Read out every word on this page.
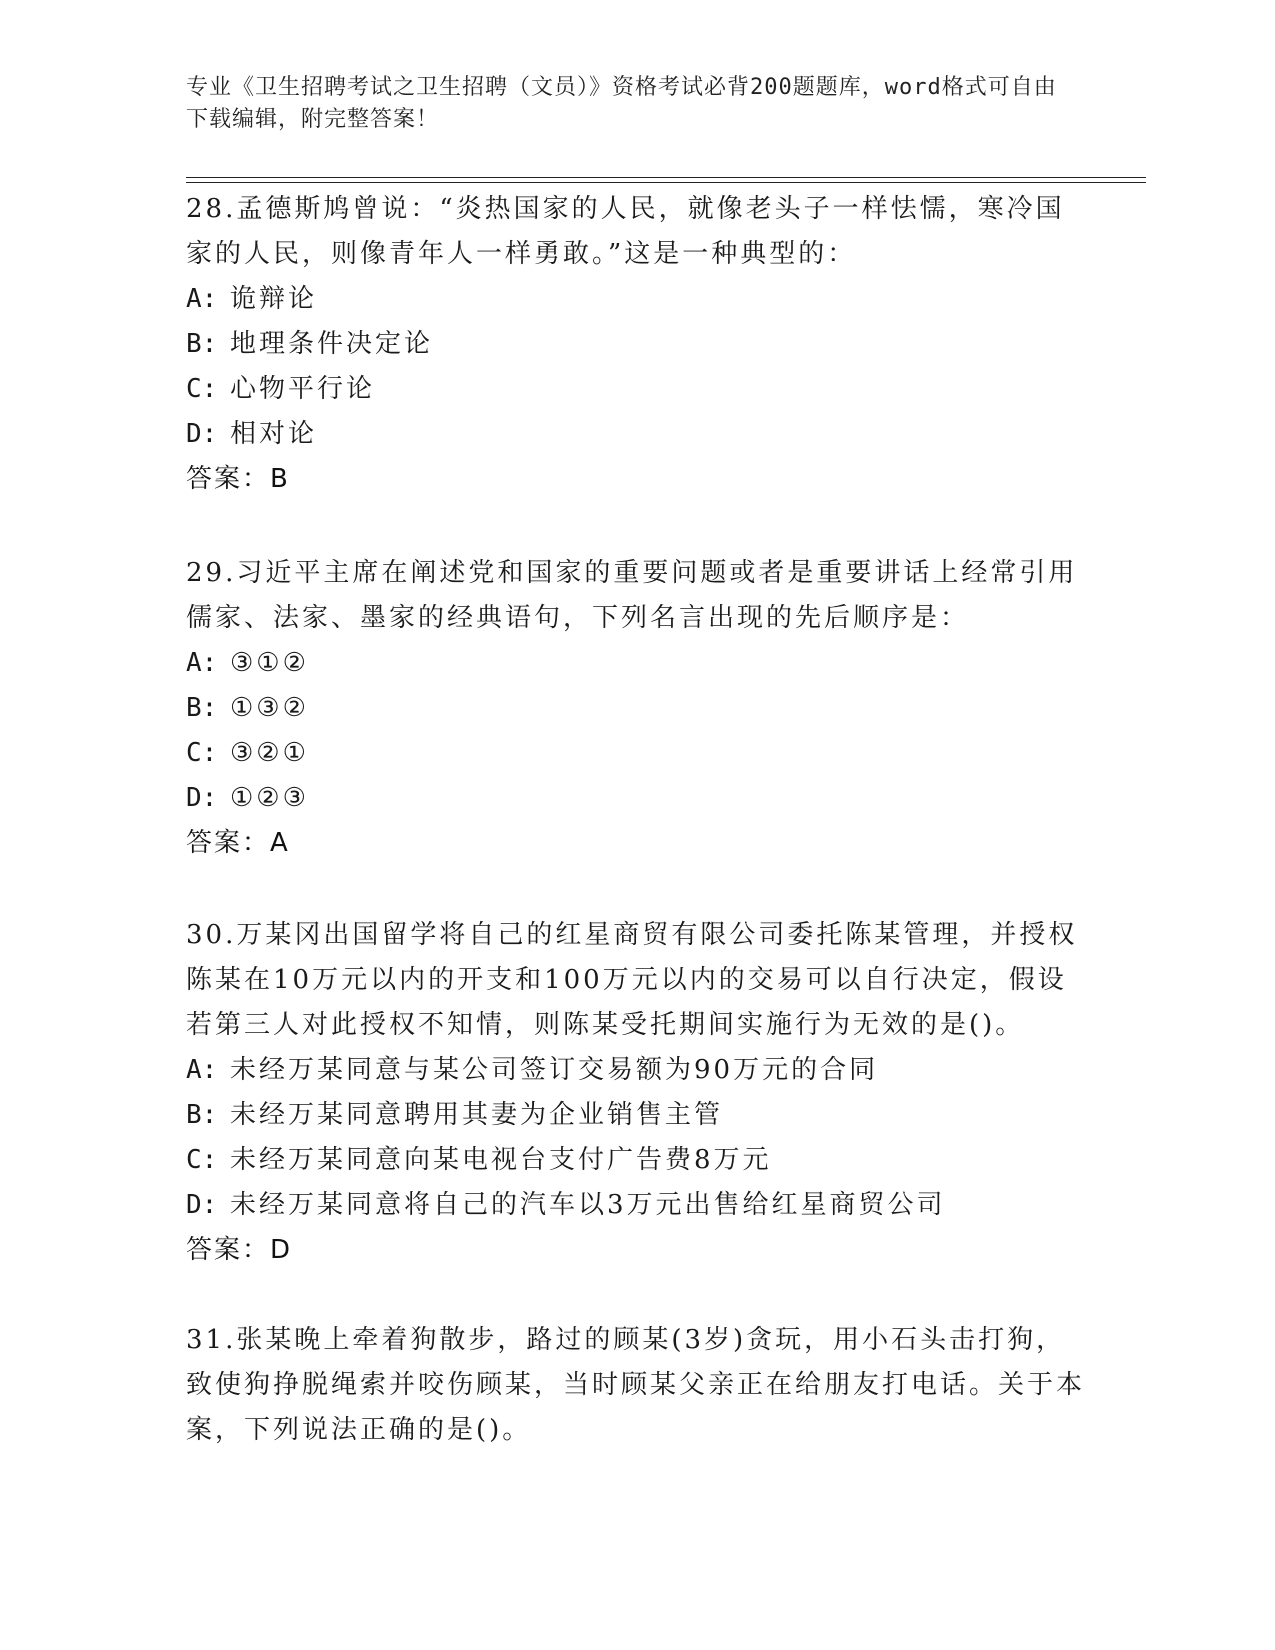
专业《卫生招聘考试之卫生招聘（文员）》资格考试必背200题题库，word格式可自由下载编辑，附完整答案！

28.孟德斯鸠曾说：“炎热国家的人民，就像老头子一样怯懦，寒冷国家的人民，则像青年人一样勇敢。”这是一种典型的：

A: 诡辩论

B: 地理条件决定论

C: 心物平行论

D: 相对论

答案：B

29.习近平主席在阐述党和国家的重要问题或者是重要讲话上经常引用儒家、法家、墨家的经典语句，下列名言出现的先后顺序是：

A: ③①②

B: ①③②

C: ③②①

D: ①②③

答案：A

30.万某冈出国留学将自己的红星商贸有限公司委托陈某管理，并授权陈某在10万元以内的开支和100万元以内的交易可以自行决定，假设若第三人对此授权不知情，则陈某受托期间实施行为无效的是()。

A: 未经万某同意与某公司签订交易额为90万元的合同

B: 未经万某同意聘用其妻为企业销售主管

C: 未经万某同意向某电视台支付广告费8万元

D: 未经万某同意将自己的汽车以3万元出售给红星商贸公司

答案：D

31.张某晚上牵着狗散步，路过的顾某(3岁)贪玩，用小石头击打狗，致使狗挣脱绳索并咬伤顾某，当时顾某父亲正在给朋友打电话。关于本案，下列说法正确的是()。
